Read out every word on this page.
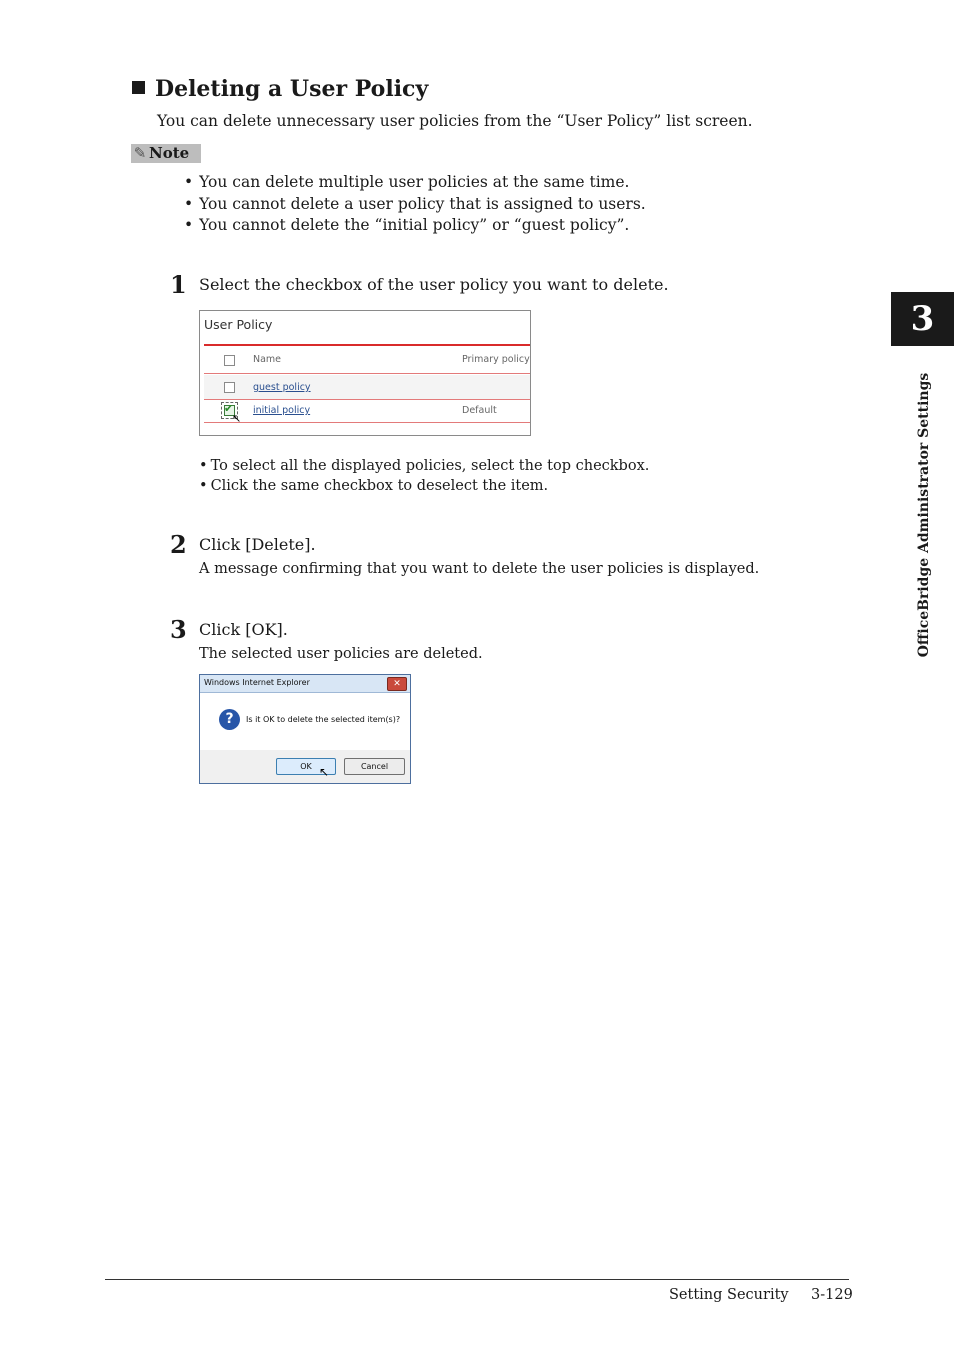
Deleting a User Policy
You can delete unnecessary user policies from the “User Policy” list screen.
✎ Note
• You can delete multiple user policies at the same time.
• You cannot delete a user policy that is assigned to users.
• You cannot delete the “initial policy” or “guest policy”.
1 Select the checkbox of the user policy you want to delete.
User Policy
Name	Primary policy
guest policy
✔
↖
initial policy	Default
• To select all the displayed policies, select the top checkbox.
• Click the same checkbox to deselect the item.
2 Click [Delete].
A message confirming that you want to delete the user policies is displayed.
3 Click [OK].
The selected user policies are deleted.
Windows Internet Explorer	✕
?	Is it OK to delete the selected item(s)?
OK	Cancel
↖
3
OfficeBridge Administrator Settings
Setting Security 3-129
